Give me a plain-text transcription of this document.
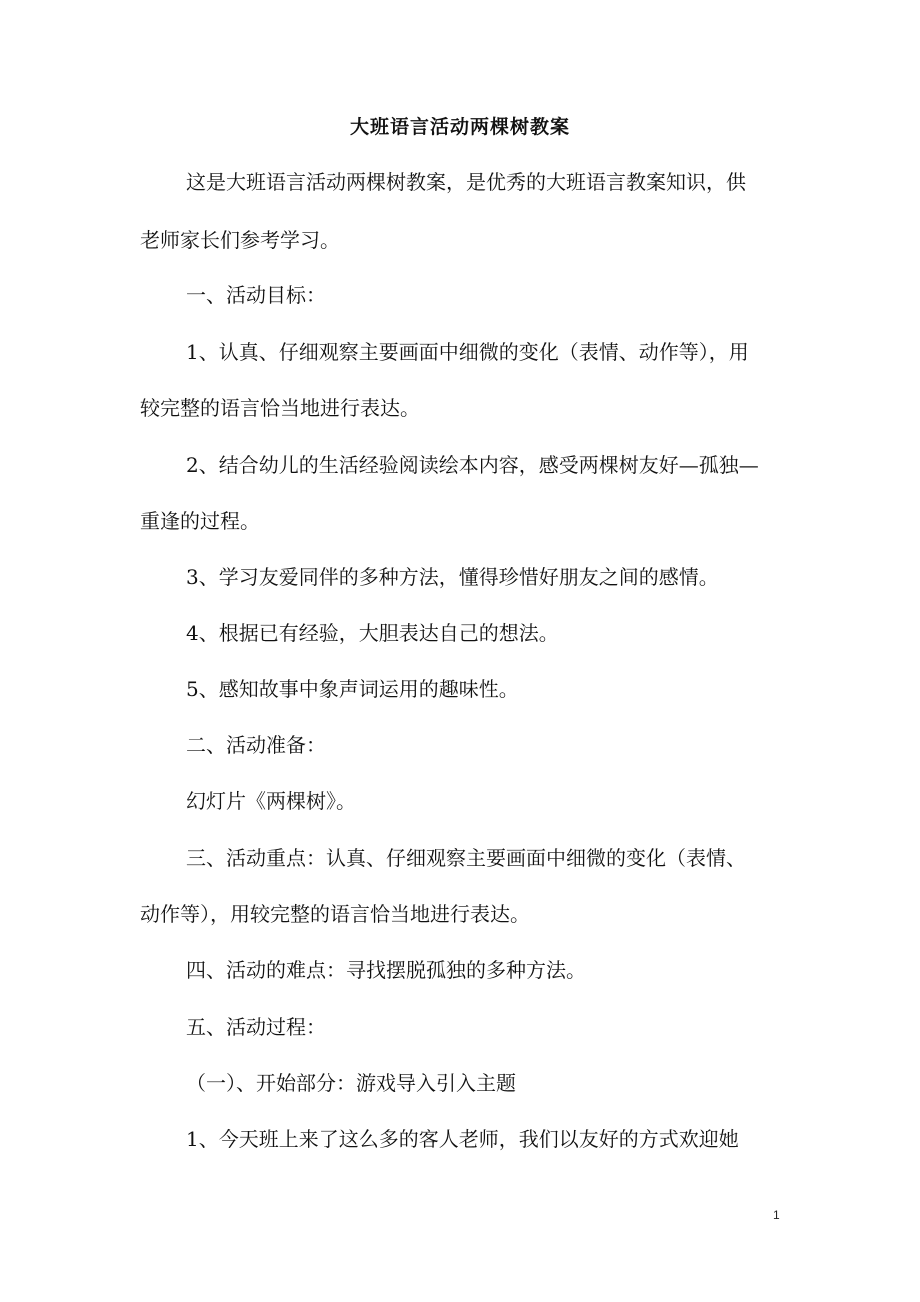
大班语言活动两棵树教案
这是大班语言活动两棵树教案，是优秀的大班语言教案知识，供
老师家长们参考学习。
一、活动目标：
1、认真、仔细观察主要画面中细微的变化（表情、动作等），用
较完整的语言恰当地进行表达。
2、结合幼儿的生活经验阅读绘本内容，感受两棵树友好—孤独—
重逢的过程。
3、学习友爱同伴的多种方法，懂得珍惜好朋友之间的感情。
4、根据已有经验，大胆表达自己的想法。
5、感知故事中象声词运用的趣味性。
二、活动准备：
幻灯片《两棵树》。
三、活动重点：认真、仔细观察主要画面中细微的变化（表情、
动作等），用较完整的语言恰当地进行表达。
四、活动的难点：寻找摆脱孤独的多种方法。
五、活动过程：
（一）、开始部分：游戏导入引入主题
1、今天班上来了这么多的客人老师，我们以友好的方式欢迎她
1
